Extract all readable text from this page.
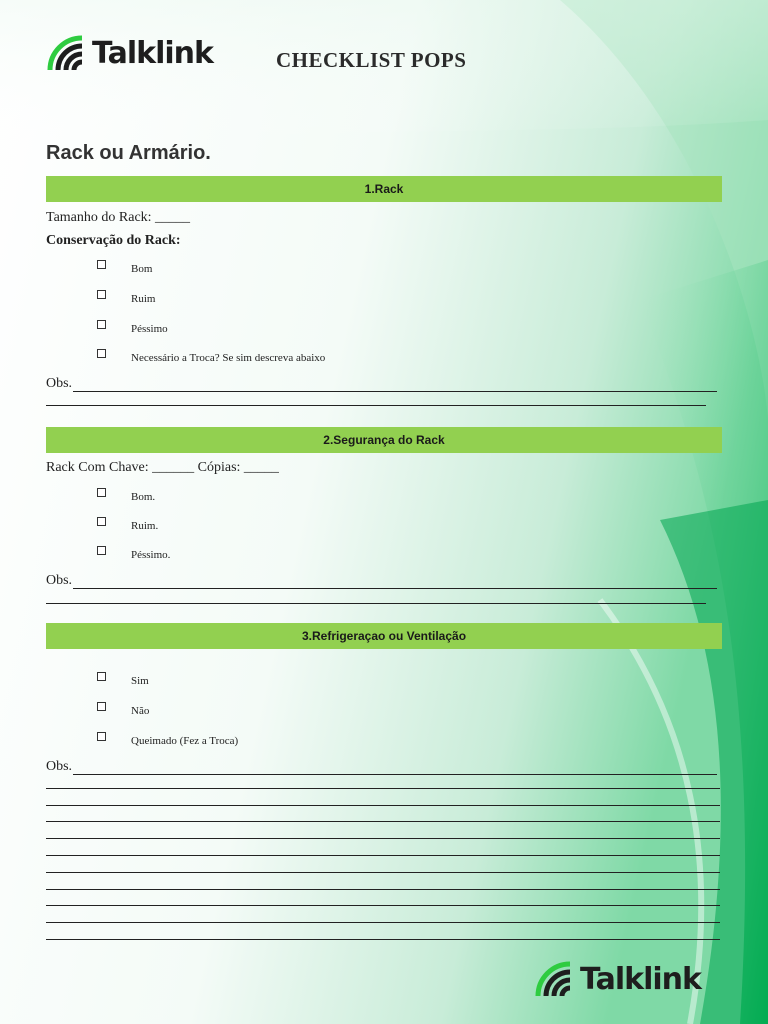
Talklink	CHECKLIST POPS
Rack ou Armário.
1.Rack
Tamanho do Rack: _____
Conservação do Rack:
Bom
Ruim
Péssimo
Necessário a Troca? Se sim descreva abaixo
Obs.
2.Segurança do Rack
Rack Com Chave: ______ Cópias: _____
Bom.
Ruim.
Péssimo.
Obs.
3.Refrigeraçao ou Ventilação
Sim
Não
Queimado (Fez a Troca)
Obs.
Talklink
